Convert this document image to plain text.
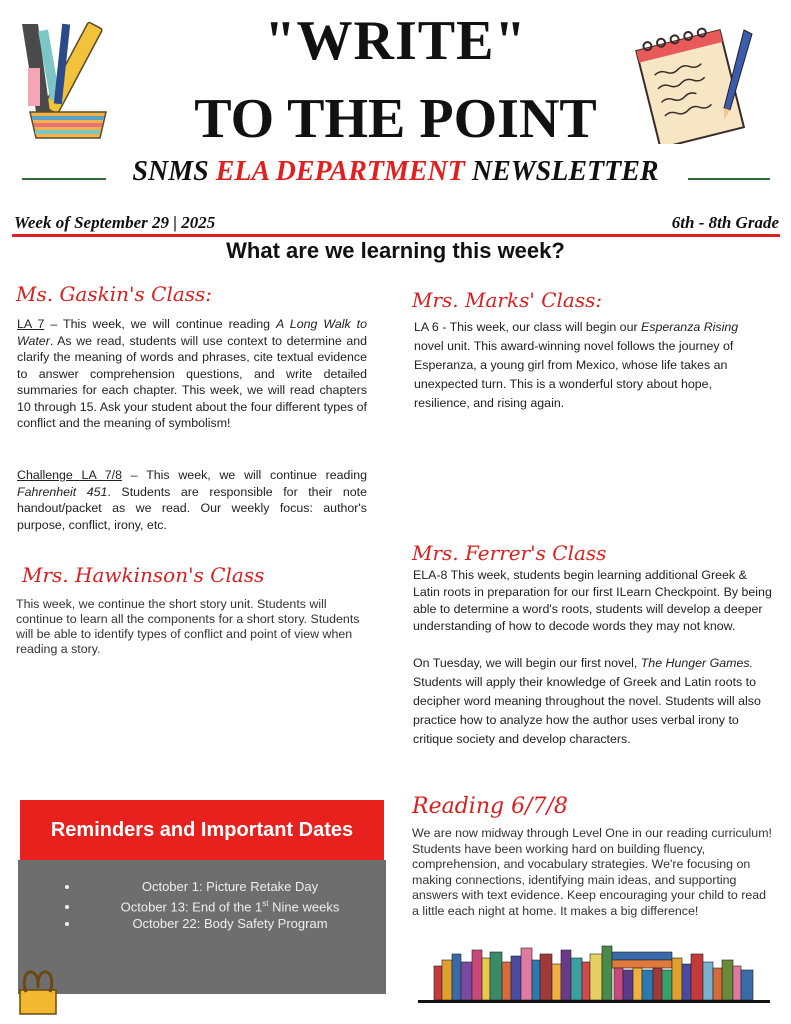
"WRITE"
TO THE POINT
SNMS ELA DEPARTMENT NEWSLETTER
Week of September 29 | 2025	6th - 8th Grade
What are we learning this week?
Ms. Gaskin's Class:
LA 7 – This week, we will continue reading A Long Walk to Water. As we read, students will use context to determine and clarify the meaning of words and phrases, cite textual evidence to answer comprehension questions, and write detailed summaries for each chapter. This week, we will read chapters 10 through 15. Ask your student about the four different types of conflict and the meaning of symbolism!
Challenge LA 7/8 – This week, we will continue reading Fahrenheit 451. Students are responsible for their note handout/packet as we read. Our weekly focus: author's purpose, conflict, irony, etc.
Mrs. Marks' Class:
LA 6 - This week, our class will begin our Esperanza Rising novel unit. This award-winning novel follows the journey of Esperanza, a young girl from Mexico, whose life takes an unexpected turn. This is a wonderful story about hope, resilience, and rising again.
Mrs. Hawkinson's Class
This week, we continue the short story unit. Students will continue to learn all the components for a short story. Students will be able to identify types of conflict and point of view when reading a story.
Mrs. Ferrer's Class
ELA-8 This week, students begin learning additional Greek & Latin roots in preparation for our first ILearn Checkpoint. By being able to determine a word's roots, students will develop a deeper understanding of how to decode words they may not know.
On Tuesday, we will begin our first novel, The Hunger Games. Students will apply their knowledge of Greek and Latin roots to decipher word meaning throughout the novel. Students will also practice how to analyze how the author uses verbal irony to critique society and develop characters.
Reading 6/7/8
We are now midway through Level One in our reading curriculum! Students have been working hard on building fluency, comprehension, and vocabulary strategies. We're focusing on making connections, identifying main ideas, and supporting answers with text evidence. Keep encouraging your child to read a little each night at home. It makes a big difference!
Reminders and Important Dates
• October 1: Picture Retake Day
• October 13: End of the 1st Nine weeks
• October 22: Body Safety Program
